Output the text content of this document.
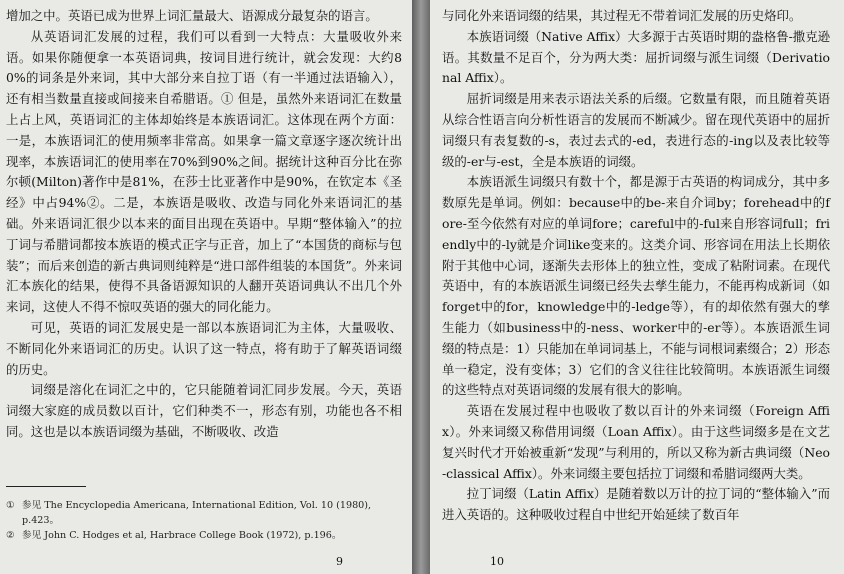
增加之中。英语已成为世界上词汇量最大、语源成分最复杂的语言。

从英语词汇发展的过程，我们可以看到一大特点：大量吸收外来语。如果你随便拿一本英语词典，按词目进行统计，就会发现：大约80%的词条是外来词，其中大部分来自拉丁语（有一半通过法语输入），还有相当数量直接或间接来自希腊语。① 但是，虽然外来语词汇在数量上占上风，英语词汇的主体却始终是本族语词汇。这体现在两个方面：一是，本族语词汇的使用频率非常高。如果拿一篇文章逐字逐次统计出现率，本族语词汇的使用率在70%到90%之间。据统计这种百分比在弥尔顿(Milton)著作中是81%，在莎士比亚著作中是90%，在钦定本《圣经》中占94%②。二是，本族语是吸收、改造与同化外来语词汇的基础。外来语词汇很少以本来的面目出现在英语中。早期“整体输入”的拉丁词与希腊词都按本族语的模式正字与正音，加上了“本国货的商标与包装”；而后来创造的新古典词则纯粹是“进口部件组装的本国货”。外来词汇本族化的结果，使得不具备语源知识的人翻开英语词典认不出几个外来词，这使人不得不惊叹英语的强大的同化能力。

可见，英语的词汇发展史是一部以本族语词汇为主体，大量吸收、不断同化外来语词汇的历史。认识了这一特点，将有助于了解英语词缀的历史。

词缀是溶化在词汇之中的，它只能随着词汇同步发展。今天，英语词缀大家庭的成员数以百计，它们种类不一，形态有别，功能也各不相同。这也是以本族语词缀为基础，不断吸收、改造

① 参见 The Encyclopedia Americana, International Edition, Vol. 10 (1980), p.423。
② 参见 John C. Hodges et al, Harbrace College Book (1972), p.196。
9

与同化外来语词缀的结果，其过程无不带着词汇发展的历史烙印。

本族语词缀（Native Affix）大多源于古英语时期的盎格鲁-撒克逊语。其数量不足百个，分为两大类：屈折词缀与派生词缀（Derivational Affix）。

屈折词缀是用来表示语法关系的后缀。它数量有限，而且随着英语从综合性语言向分析性语言的发展而不断减少。留在现代英语中的屈折词缀只有表复数的-s，表过去式的-ed，表进行态的-ing以及表比较等级的-er与-est，全是本族语的词缀。

本族语派生词缀只有数十个，都是源于古英语的构词成分，其中多数原先是单词。例如：because中的be-来自介词by；forehead中的fore-至今依然有对应的单词fore；careful中的-ful来自形容词full；friendly中的-ly就是介词like变来的。这类介词、形容词在用法上长期依附于其他中心词，逐渐失去形体上的独立性，变成了粘附词素。在现代英语中，有的本族语派生词缀已经失去孳生能力，不能再构成新词（如forget中的for，knowledge中的-ledge等），有的却依然有强大的孳生能力（如business中的-ness、worker中的-er等）。本族语派生词缀的特点是：1）只能加在单词词基上，不能与词根词素缀合；2）形态单一稳定，没有变体；3）它们的含义往往比较简明。本族语派生词缀的这些特点对英语词缀的发展有很大的影响。

英语在发展过程中也吸收了数以百计的外来词缀（Foreign Affix）。外来词缀又称借用词缀（Loan Affix）。由于这些词缀多是在文艺复兴时代才开始被重新“发现”与利用的，所以又称为新古典词缀（Neo-classical Affix）。外来词缀主要包括拉丁词缀和希腊词缀两大类。

拉丁词缀（Latin Affix）是随着数以万计的拉丁词的“整体输入”而进入英语的。这种吸收过程自中世纪开始延续了数百年

10
